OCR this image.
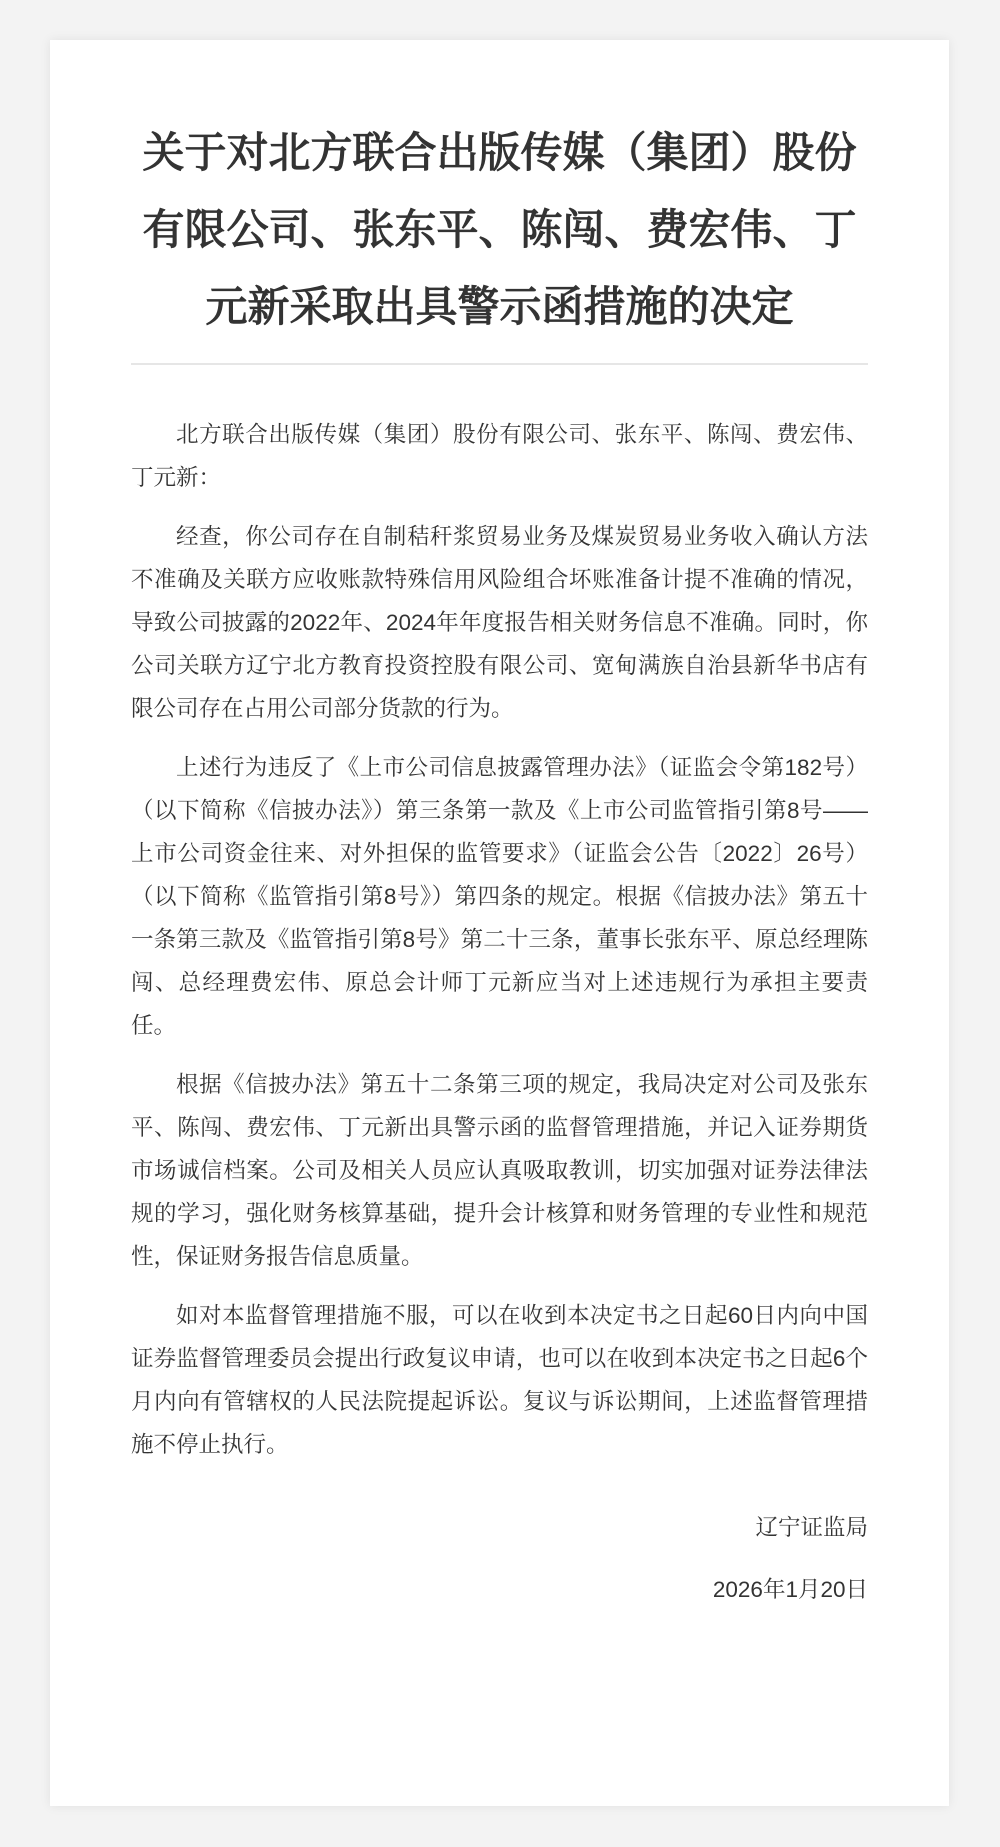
关于对北方联合出版传媒（集团）股份有限公司、张东平、陈闯、费宏伟、丁元新采取出具警示函措施的决定

北方联合出版传媒（集团）股份有限公司、张东平、陈闯、费宏伟、丁元新：

经查，你公司存在自制秸秆浆贸易业务及煤炭贸易业务收入确认方法不准确及关联方应收账款特殊信用风险组合坏账准备计提不准确的情况，导致公司披露的2022年、2024年年度报告相关财务信息不准确。同时，你公司关联方辽宁北方教育投资控股有限公司、宽甸满族自治县新华书店有限公司存在占用公司部分货款的行为。

上述行为违反了《上市公司信息披露管理办法》（证监会令第182号）（以下简称《信披办法》）第三条第一款及《上市公司监管指引第8号——上市公司资金往来、对外担保的监管要求》（证监会公告〔2022〕26号）（以下简称《监管指引第8号》）第四条的规定。根据《信披办法》第五十一条第三款及《监管指引第8号》第二十三条，董事长张东平、原总经理陈闯、总经理费宏伟、原总会计师丁元新应当对上述违规行为承担主要责任。

根据《信披办法》第五十二条第三项的规定，我局决定对公司及张东平、陈闯、费宏伟、丁元新出具警示函的监督管理措施，并记入证券期货市场诚信档案。公司及相关人员应认真吸取教训，切实加强对证券法律法规的学习，强化财务核算基础，提升会计核算和财务管理的专业性和规范性，保证财务报告信息质量。

如对本监督管理措施不服，可以在收到本决定书之日起60日内向中国证券监督管理委员会提出行政复议申请，也可以在收到本决定书之日起6个月内向有管辖权的人民法院提起诉讼。复议与诉讼期间，上述监督管理措施不停止执行。

辽宁证监局
2026年1月20日
